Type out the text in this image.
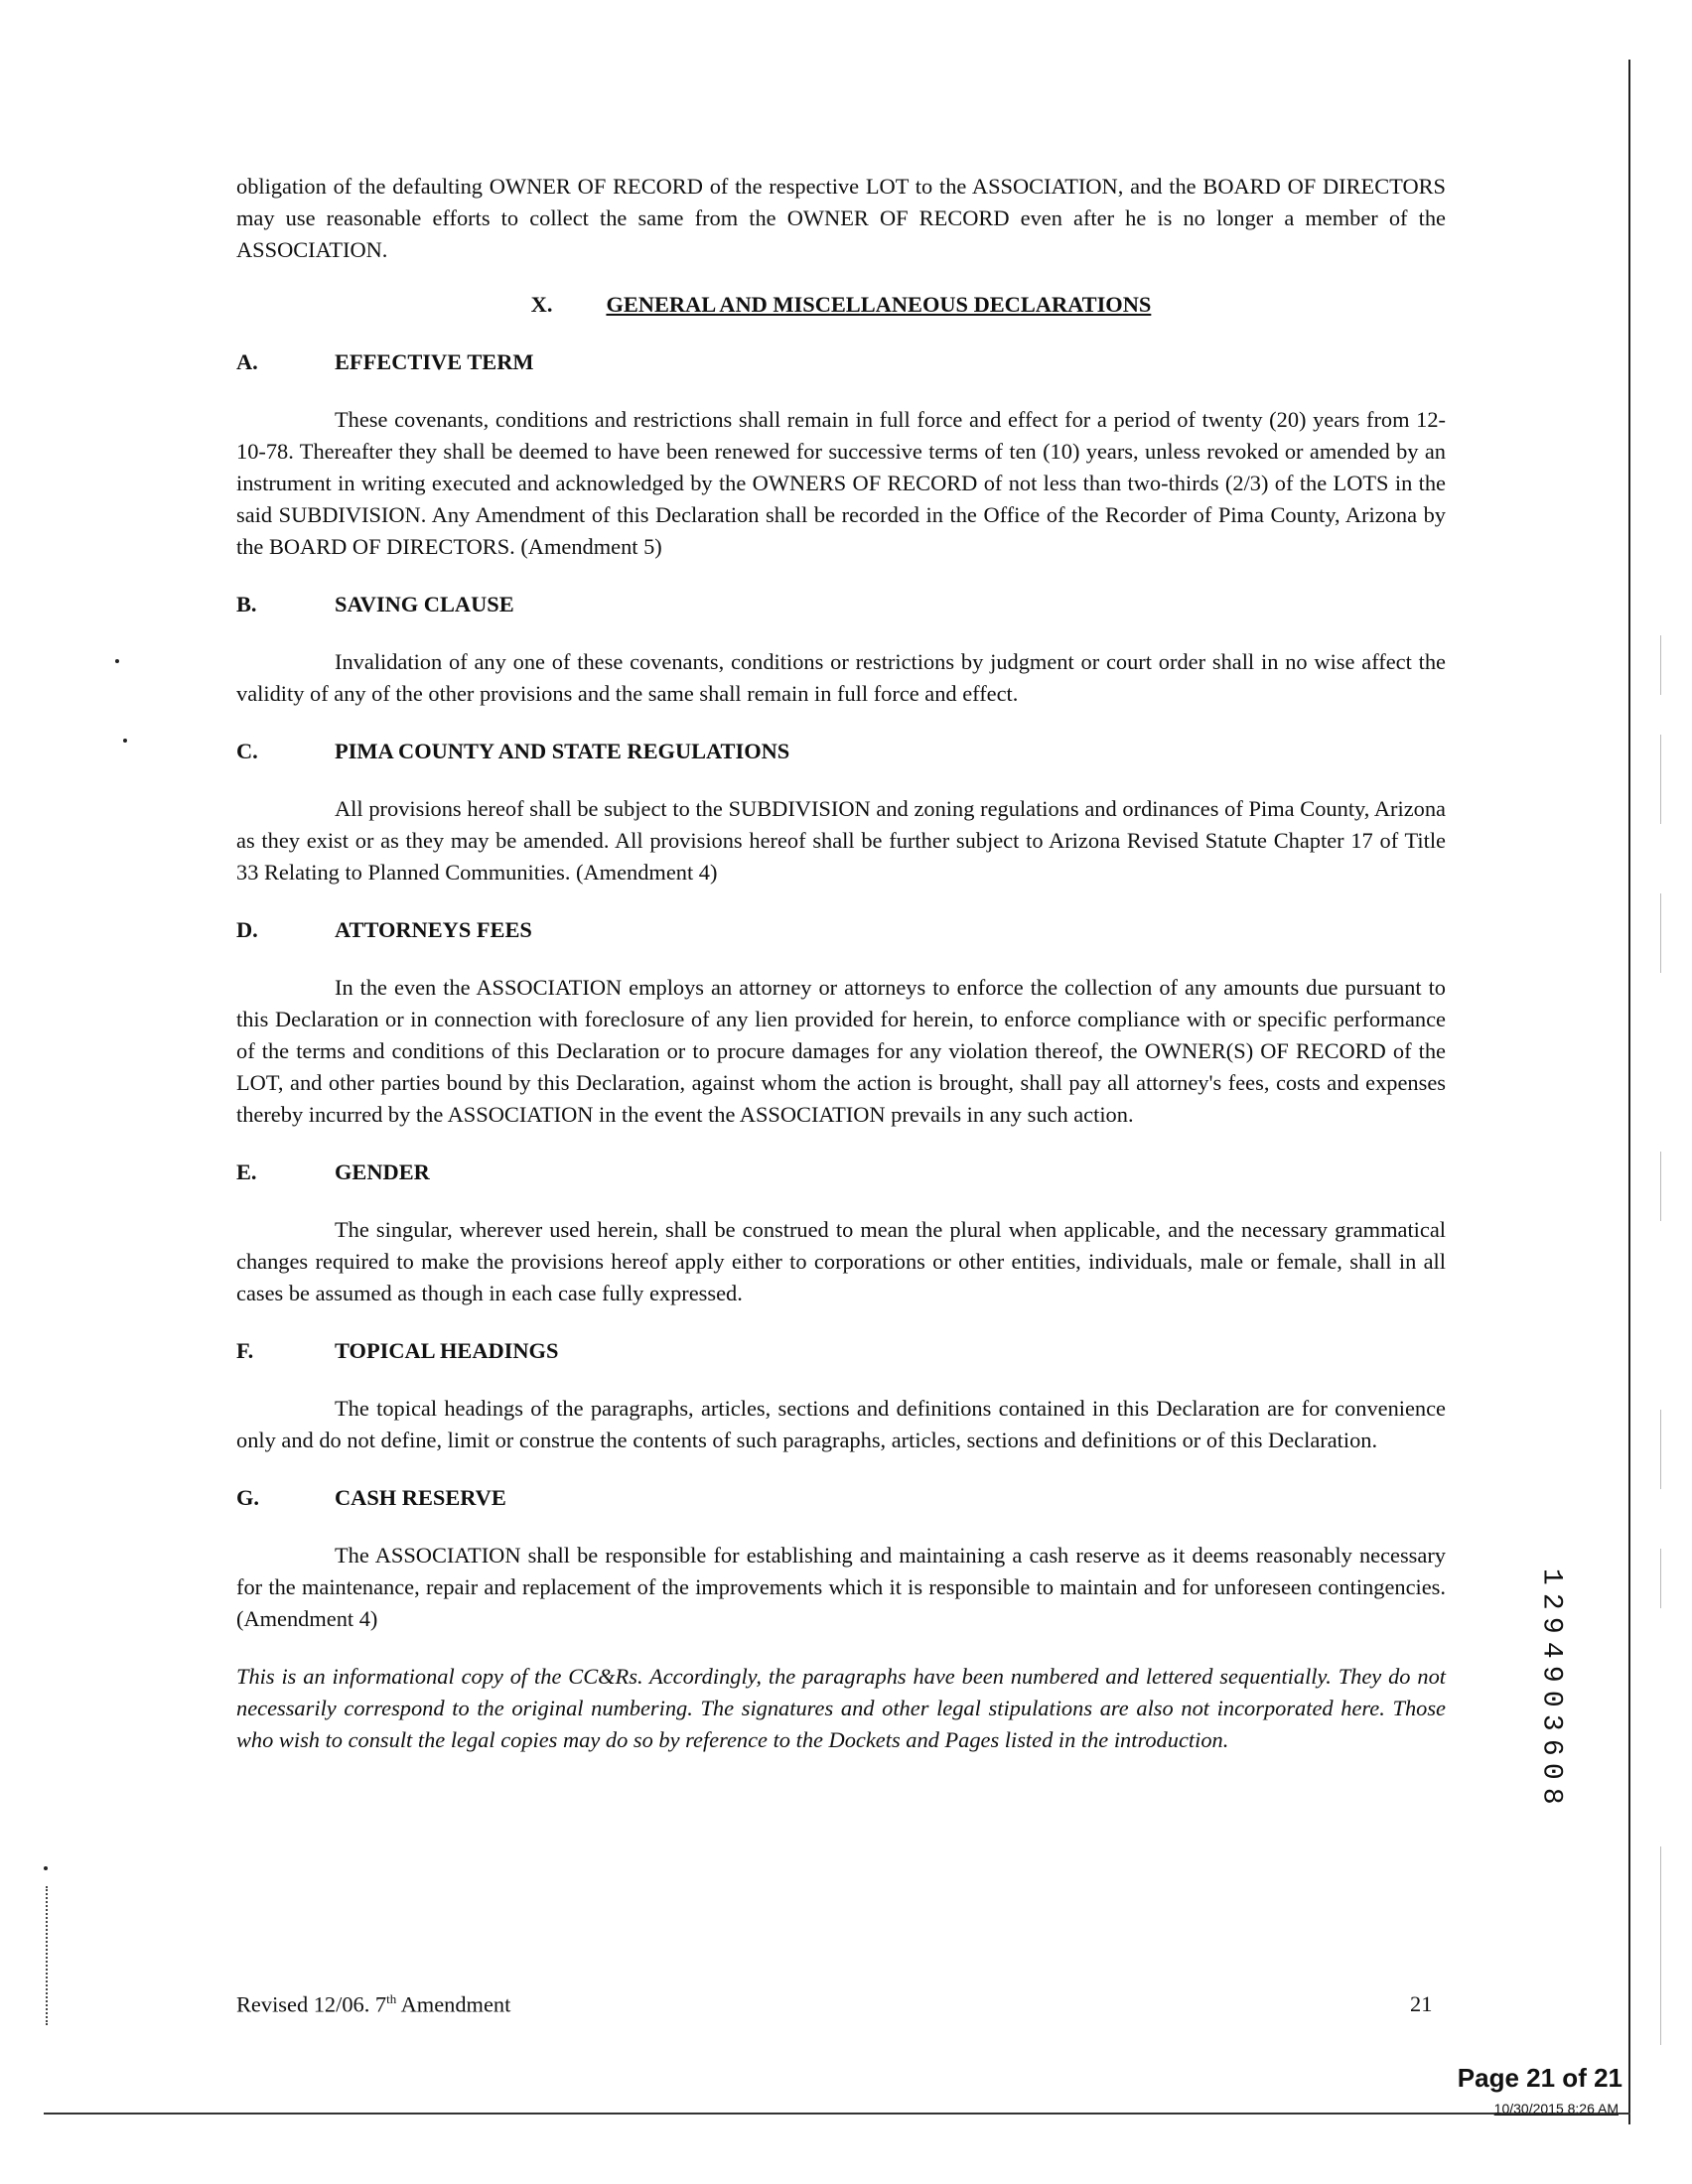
obligation of the defaulting OWNER OF RECORD of the respective LOT to the ASSOCIATION, and the BOARD OF DIRECTORS may use reasonable efforts to collect the same from the OWNER OF RECORD even after he is no longer a member of the ASSOCIATION.

X. GENERAL AND MISCELLANEOUS DECLARATIONS
A.	EFFECTIVE TERM

These covenants, conditions and restrictions shall remain in full force and effect for a period of twenty (20) years from 12-10-78. Thereafter they shall be deemed to have been renewed for successive terms of ten (10) years, unless revoked or amended by an instrument in writing executed and acknowledged by the OWNERS OF RECORD of not less than two-thirds (2/3) of the LOTS in the said SUBDIVISION. Any Amendment of this Declaration shall be recorded in the Office of the Recorder of Pima County, Arizona by the BOARD OF DIRECTORS. (Amendment 5)

B.	SAVING CLAUSE

Invalidation of any one of these covenants, conditions or restrictions by judgment or court order shall in no wise affect the validity of any of the other provisions and the same shall remain in full force and effect.

C.	PIMA COUNTY AND STATE REGULATIONS

All provisions hereof shall be subject to the SUBDIVISION and zoning regulations and ordinances of Pima County, Arizona as they exist or as they may be amended. All provisions hereof shall be further subject to Arizona Revised Statute Chapter 17 of Title 33 Relating to Planned Communities. (Amendment 4)

D.	ATTORNEYS FEES

In the even the ASSOCIATION employs an attorney or attorneys to enforce the collection of any amounts due pursuant to this Declaration or in connection with foreclosure of any lien provided for herein, to enforce compliance with or specific performance of the terms and conditions of this Declaration or to procure damages for any violation thereof, the OWNER(S) OF RECORD of the LOT, and other parties bound by this Declaration, against whom the action is brought, shall pay all attorney's fees, costs and expenses thereby incurred by the ASSOCIATION in the event the ASSOCIATION prevails in any such action.

E.	GENDER

The singular, wherever used herein, shall be construed to mean the plural when applicable, and the necessary grammatical changes required to make the provisions hereof apply either to corporations or other entities, individuals, male or female, shall in all cases be assumed as though in each case fully expressed.

F.	TOPICAL HEADINGS

The topical headings of the paragraphs, articles, sections and definitions contained in this Declaration are for convenience only and do not define, limit or construe the contents of such paragraphs, articles, sections and definitions or of this Declaration.

G.	CASH RESERVE

The ASSOCIATION shall be responsible for establishing and maintaining a cash reserve as it deems reasonably necessary for the maintenance, repair and replacement of the improvements which it is responsible to maintain and for unforeseen contingencies. (Amendment 4)

This is an informational copy of the CC&Rs. Accordingly, the paragraphs have been numbered and lettered sequentially. They do not necessarily correspond to the original numbering. The signatures and other legal stipulations are also not incorporated here. Those who wish to consult the legal copies may do so by reference to the Dockets and Pages listed in the introduction.

1
2
9
4
9
0
3
6
0
8
Revised 12/06. 7th Amendment	21
Page 21 of 21
10/30/2015 8:26 AM
